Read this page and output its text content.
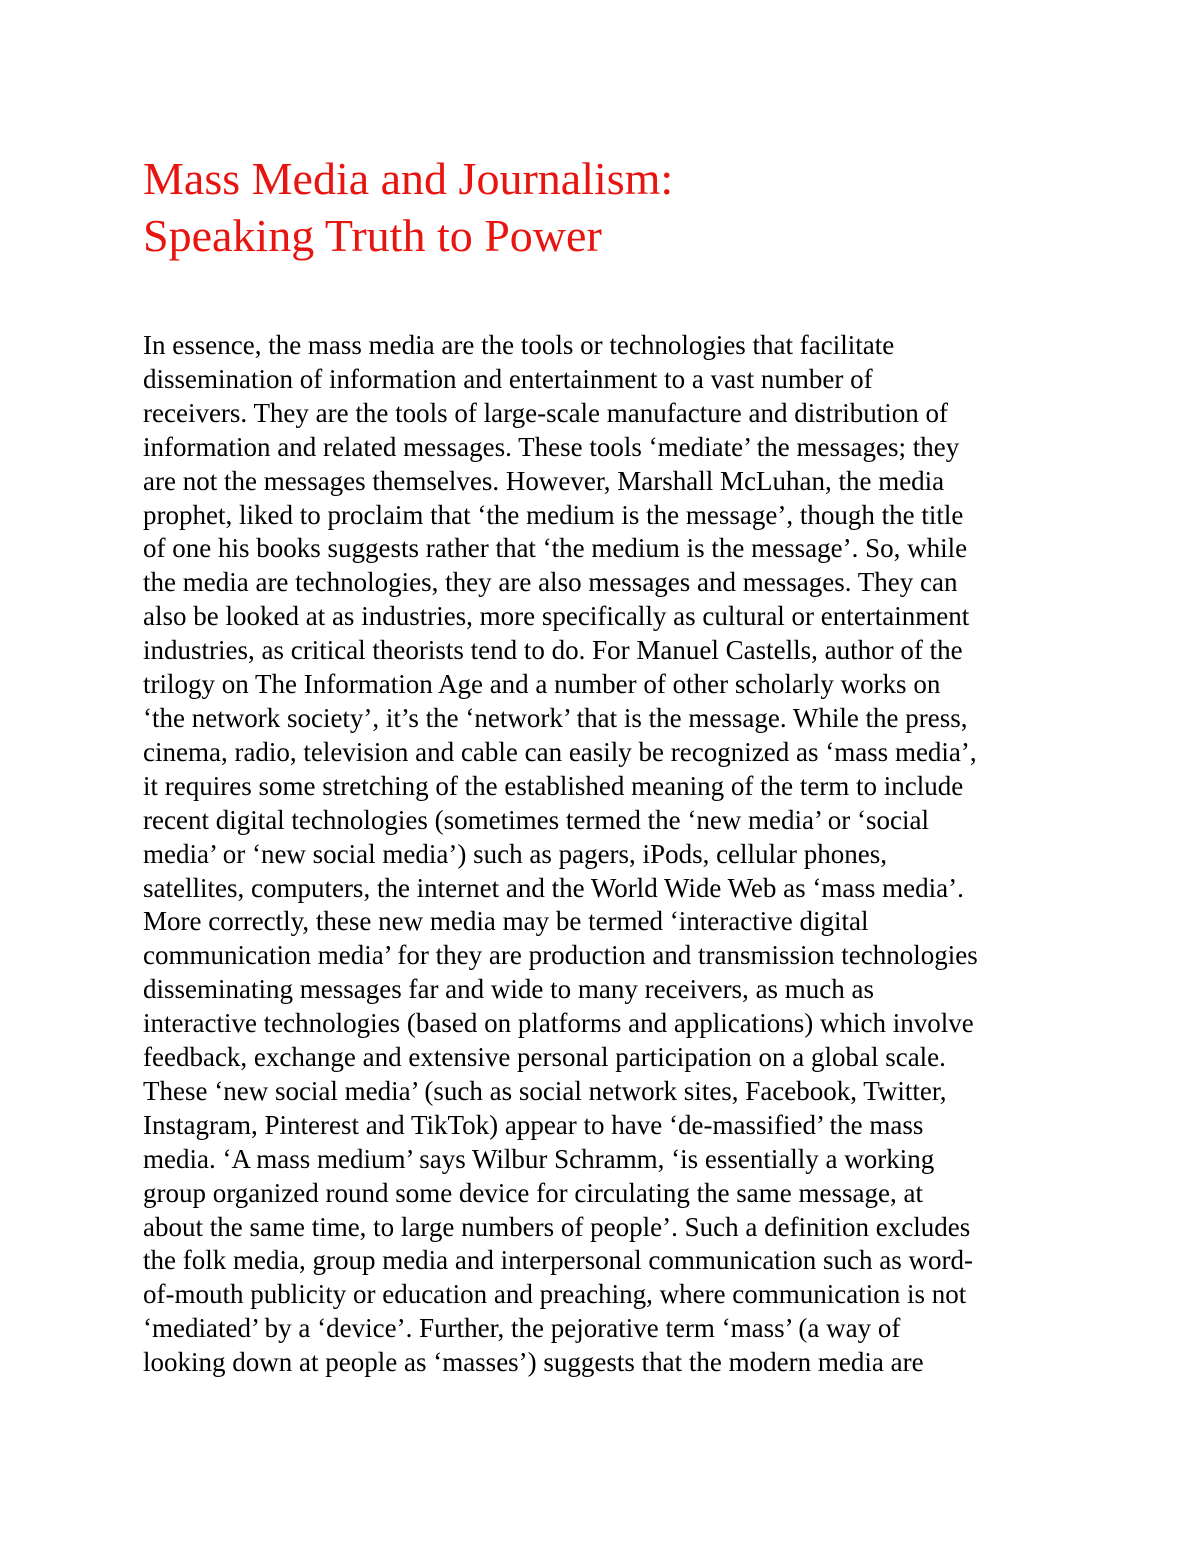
Mass Media and Journalism:
Speaking Truth to Power
In essence, the mass media are the tools or technologies that facilitate
dissemination of information and entertainment to a vast number of
receivers. They are the tools of large-scale manufacture and distribution of
information and related messages. These tools ‘mediate’ the messages; they
are not the messages themselves. However, Marshall McLuhan, the media
prophet, liked to proclaim that ‘the medium is the message’, though the title
of one his books suggests rather that ‘the medium is the message’. So, while
the media are technologies, they are also messages and messages. They can
also be looked at as industries, more specifically as cultural or entertainment
industries, as critical theorists tend to do. For Manuel Castells, author of the
trilogy on The Information Age and a number of other scholarly works on
‘the network society’, it’s the ‘network’ that is the message. While the press,
cinema, radio, television and cable can easily be recognized as ‘mass media’,
it requires some stretching of the established meaning of the term to include
recent digital technologies (sometimes termed the ‘new media’ or ‘social
media’ or ‘new social media’) such as pagers, iPods, cellular phones,
satellites, computers, the internet and the World Wide Web as ‘mass media’.
More correctly, these new media may be termed ‘interactive digital
communication media’ for they are production and transmission technologies
disseminating messages far and wide to many receivers, as much as
interactive technologies (based on platforms and applications) which involve
feedback, exchange and extensive personal participation on a global scale.
These ‘new social media’ (such as social network sites, Facebook, Twitter,
Instagram, Pinterest and TikTok) appear to have ‘de-massified’ the mass
media. ‘A mass medium’ says Wilbur Schramm, ‘is essentially a working
group organized round some device for circulating the same message, at
about the same time, to large numbers of people’. Such a definition excludes
the folk media, group media and interpersonal communication such as word-
of-mouth publicity or education and preaching, where communication is not
‘mediated’ by a ‘device’. Further, the pejorative term ‘mass’ (a way of
looking down at people as ‘masses’) suggests that the modern media are
